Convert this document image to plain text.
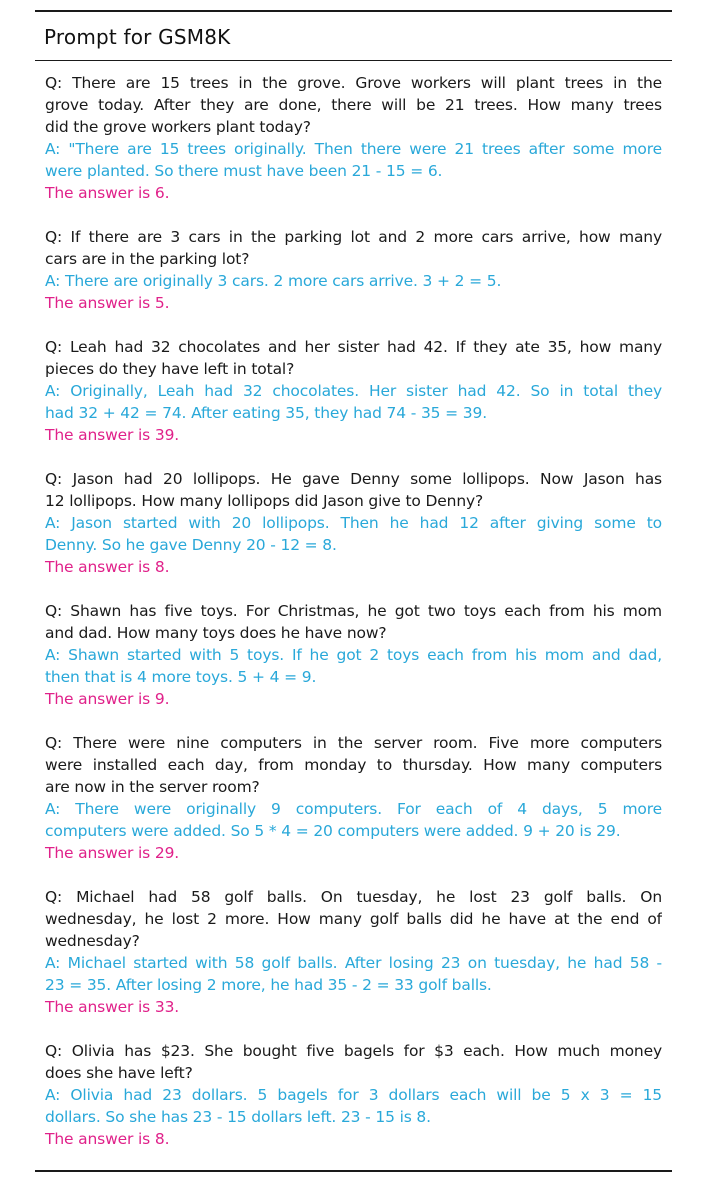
Prompt for GSM8K
Q: There are 15 trees in the grove. Grove workers will plant trees in the
grove today. After they are done, there will be 21 trees. How many trees
did the grove workers plant today?
A: "There are 15 trees originally. Then there were 21 trees after some more
were planted. So there must have been 21 - 15 = 6.
The answer is 6.
Q: If there are 3 cars in the parking lot and 2 more cars arrive, how many
cars are in the parking lot?
A: There are originally 3 cars. 2 more cars arrive. 3 + 2 = 5.
The answer is 5.
Q: Leah had 32 chocolates and her sister had 42. If they ate 35, how many
pieces do they have left in total?
A: Originally, Leah had 32 chocolates. Her sister had 42. So in total they
had 32 + 42 = 74. After eating 35, they had 74 - 35 = 39.
The answer is 39.
Q: Jason had 20 lollipops. He gave Denny some lollipops. Now Jason has
12 lollipops. How many lollipops did Jason give to Denny?
A: Jason started with 20 lollipops. Then he had 12 after giving some to
Denny. So he gave Denny 20 - 12 = 8.
The answer is 8.
Q: Shawn has five toys. For Christmas, he got two toys each from his mom
and dad. How many toys does he have now?
A: Shawn started with 5 toys. If he got 2 toys each from his mom and dad,
then that is 4 more toys. 5 + 4 = 9.
The answer is 9.
Q: There were nine computers in the server room. Five more computers
were installed each day, from monday to thursday. How many computers
are now in the server room?
A: There were originally 9 computers. For each of 4 days, 5 more
computers were added. So 5 * 4 = 20 computers were added. 9 + 20 is 29.
The answer is 29.
Q: Michael had 58 golf balls. On tuesday, he lost 23 golf balls. On
wednesday, he lost 2 more. How many golf balls did he have at the end of
wednesday?
A: Michael started with 58 golf balls. After losing 23 on tuesday, he had 58 -
23 = 35. After losing 2 more, he had 35 - 2 = 33 golf balls.
The answer is 33.
Q: Olivia has $23. She bought five bagels for $3 each. How much money
does she have left?
A: Olivia had 23 dollars. 5 bagels for 3 dollars each will be 5 x 3 = 15
dollars. So she has 23 - 15 dollars left. 23 - 15 is 8.
The answer is 8.
